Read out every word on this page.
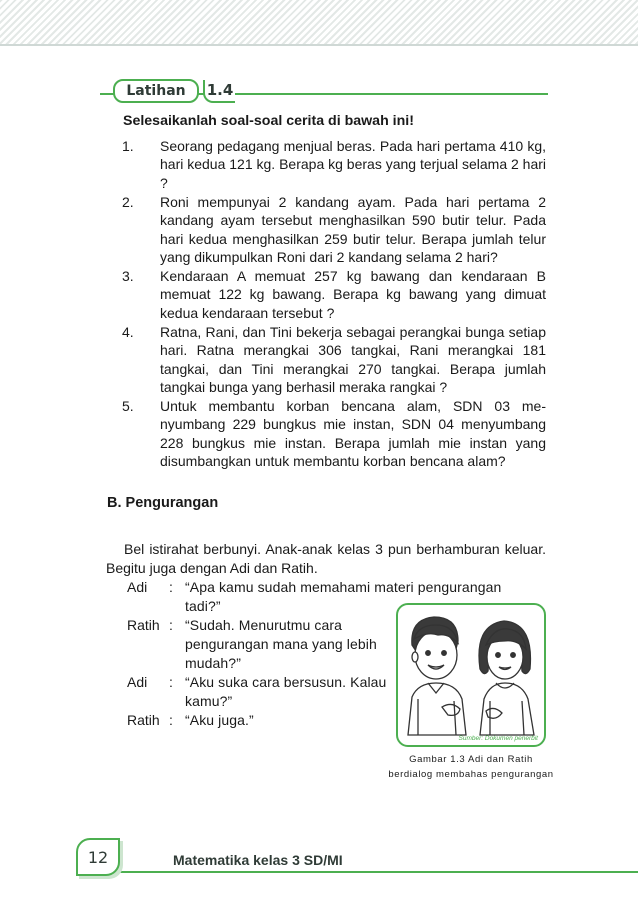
Latihan	1.4

Selesaikanlah soal-soal cerita di bawah ini!

1. Seorang pedagang menjual beras. Pada hari pertama 410 kg, hari kedua 121 kg. Berapa kg beras yang terjual selama 2 hari ?
2. Roni mempunyai 2 kandang ayam. Pada hari pertama 2 kandang ayam tersebut menghasilkan 590 butir telur. Pada hari kedua menghasilkan 259 butir telur. Berapa jumlah telur yang dikumpulkan Roni dari 2 kandang selama 2 hari?
3. Kendaraan A memuat 257 kg bawang dan kendaraan B memuat 122 kg bawang. Berapa kg bawang yang dimuat kedua kendaraan tersebut ?
4. Ratna, Rani, dan Tini bekerja sebagai perangkai bunga setiap hari. Ratna merangkai 306 tangkai, Rani merangkai 181 tangkai, dan Tini merangkai 270 tangkai. Berapa jumlah tangkai bunga yang berhasil meraka rangkai ?
5. Untuk membantu korban bencana alam, SDN 03 menyumbang 229 bungkus mie instan, SDN 04 menyumbang 228 bungkus mie instan. Berapa jumlah mie instan yang disumbangkan untuk membantu korban bencana alam?

B. Pengurangan

Bel istirahat berbunyi. Anak-anak kelas 3 pun berhamburan keluar. Begitu juga dengan Adi dan Ratih.

Adi	: “Apa kamu sudah memahami materi pengurangan tadi?”
Ratih : “Sudah. Menurutmu cara pengurangan mana yang lebih mudah?”
Adi	: “Aku suka cara bersusun. Kalau kamu?”
Ratih : “Aku juga.”
Sumber: Dokumen penerbit
Gambar 1.3 Adi dan Ratih
berdialog membahas pengurangan
12	Matematika kelas 3 SD/MI
